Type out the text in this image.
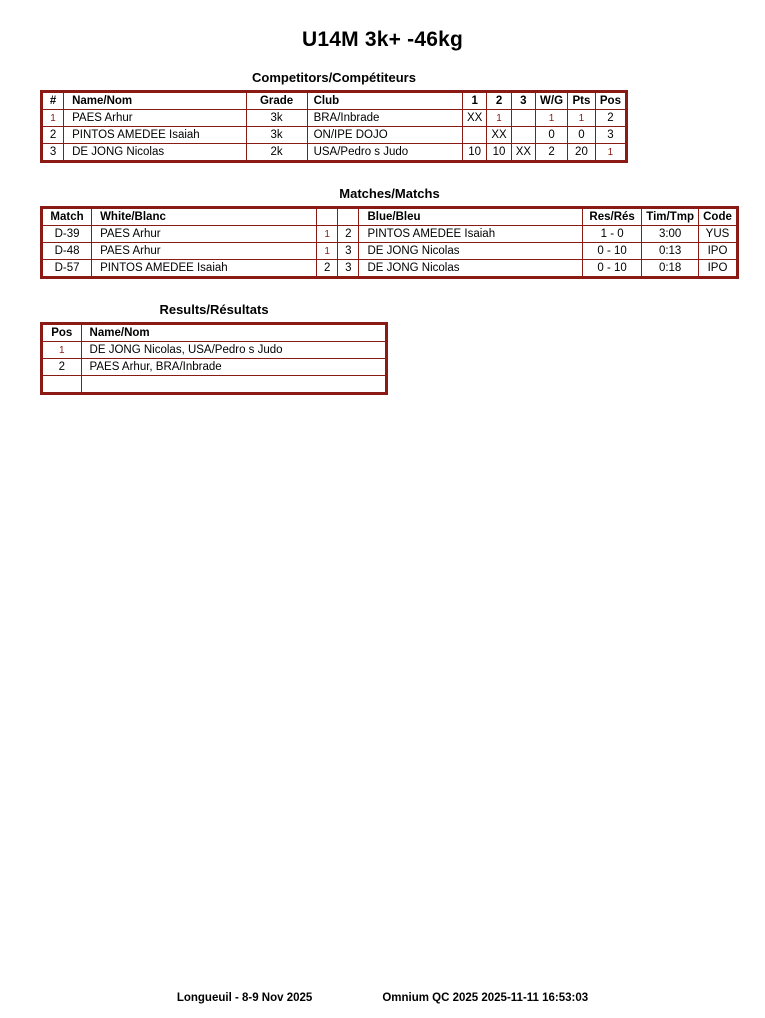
U14M 3k+ -46kg
Competitors/Compétiteurs
#	Name/Nom	Grade	Club	1	2	3	W/G	Pts	Pos
1	PAES Arhur	3k	BRA/Inbrade	XX	1		1	1	2
2	PINTOS AMEDEE Isaiah	3k	ON/IPE DOJO		XX		0	0	3
3	DE JONG Nicolas	2k	USA/Pedro s Judo	10	10	XX	2	20	1
Matches/Matchs
Match	White/Blanc			Blue/Bleu	Res/Rés	Tim/Tmp	Code
D-39	PAES Arhur	1	2	PINTOS AMEDEE Isaiah	1 - 0	3:00	YUS
D-48	PAES Arhur	1	3	DE JONG Nicolas	0 - 10	0:13	IPO
D-57	PINTOS AMEDEE Isaiah	2	3	DE JONG Nicolas	0 - 10	0:18	IPO
Results/Résultats
Pos	Name/Nom
1	DE JONG Nicolas, USA/Pedro s Judo
2	PAES Arhur, BRA/Inbrade

Longueuil - 8-9 Nov 2025	Omnium QC 2025 2025-11-11 16:53:03
